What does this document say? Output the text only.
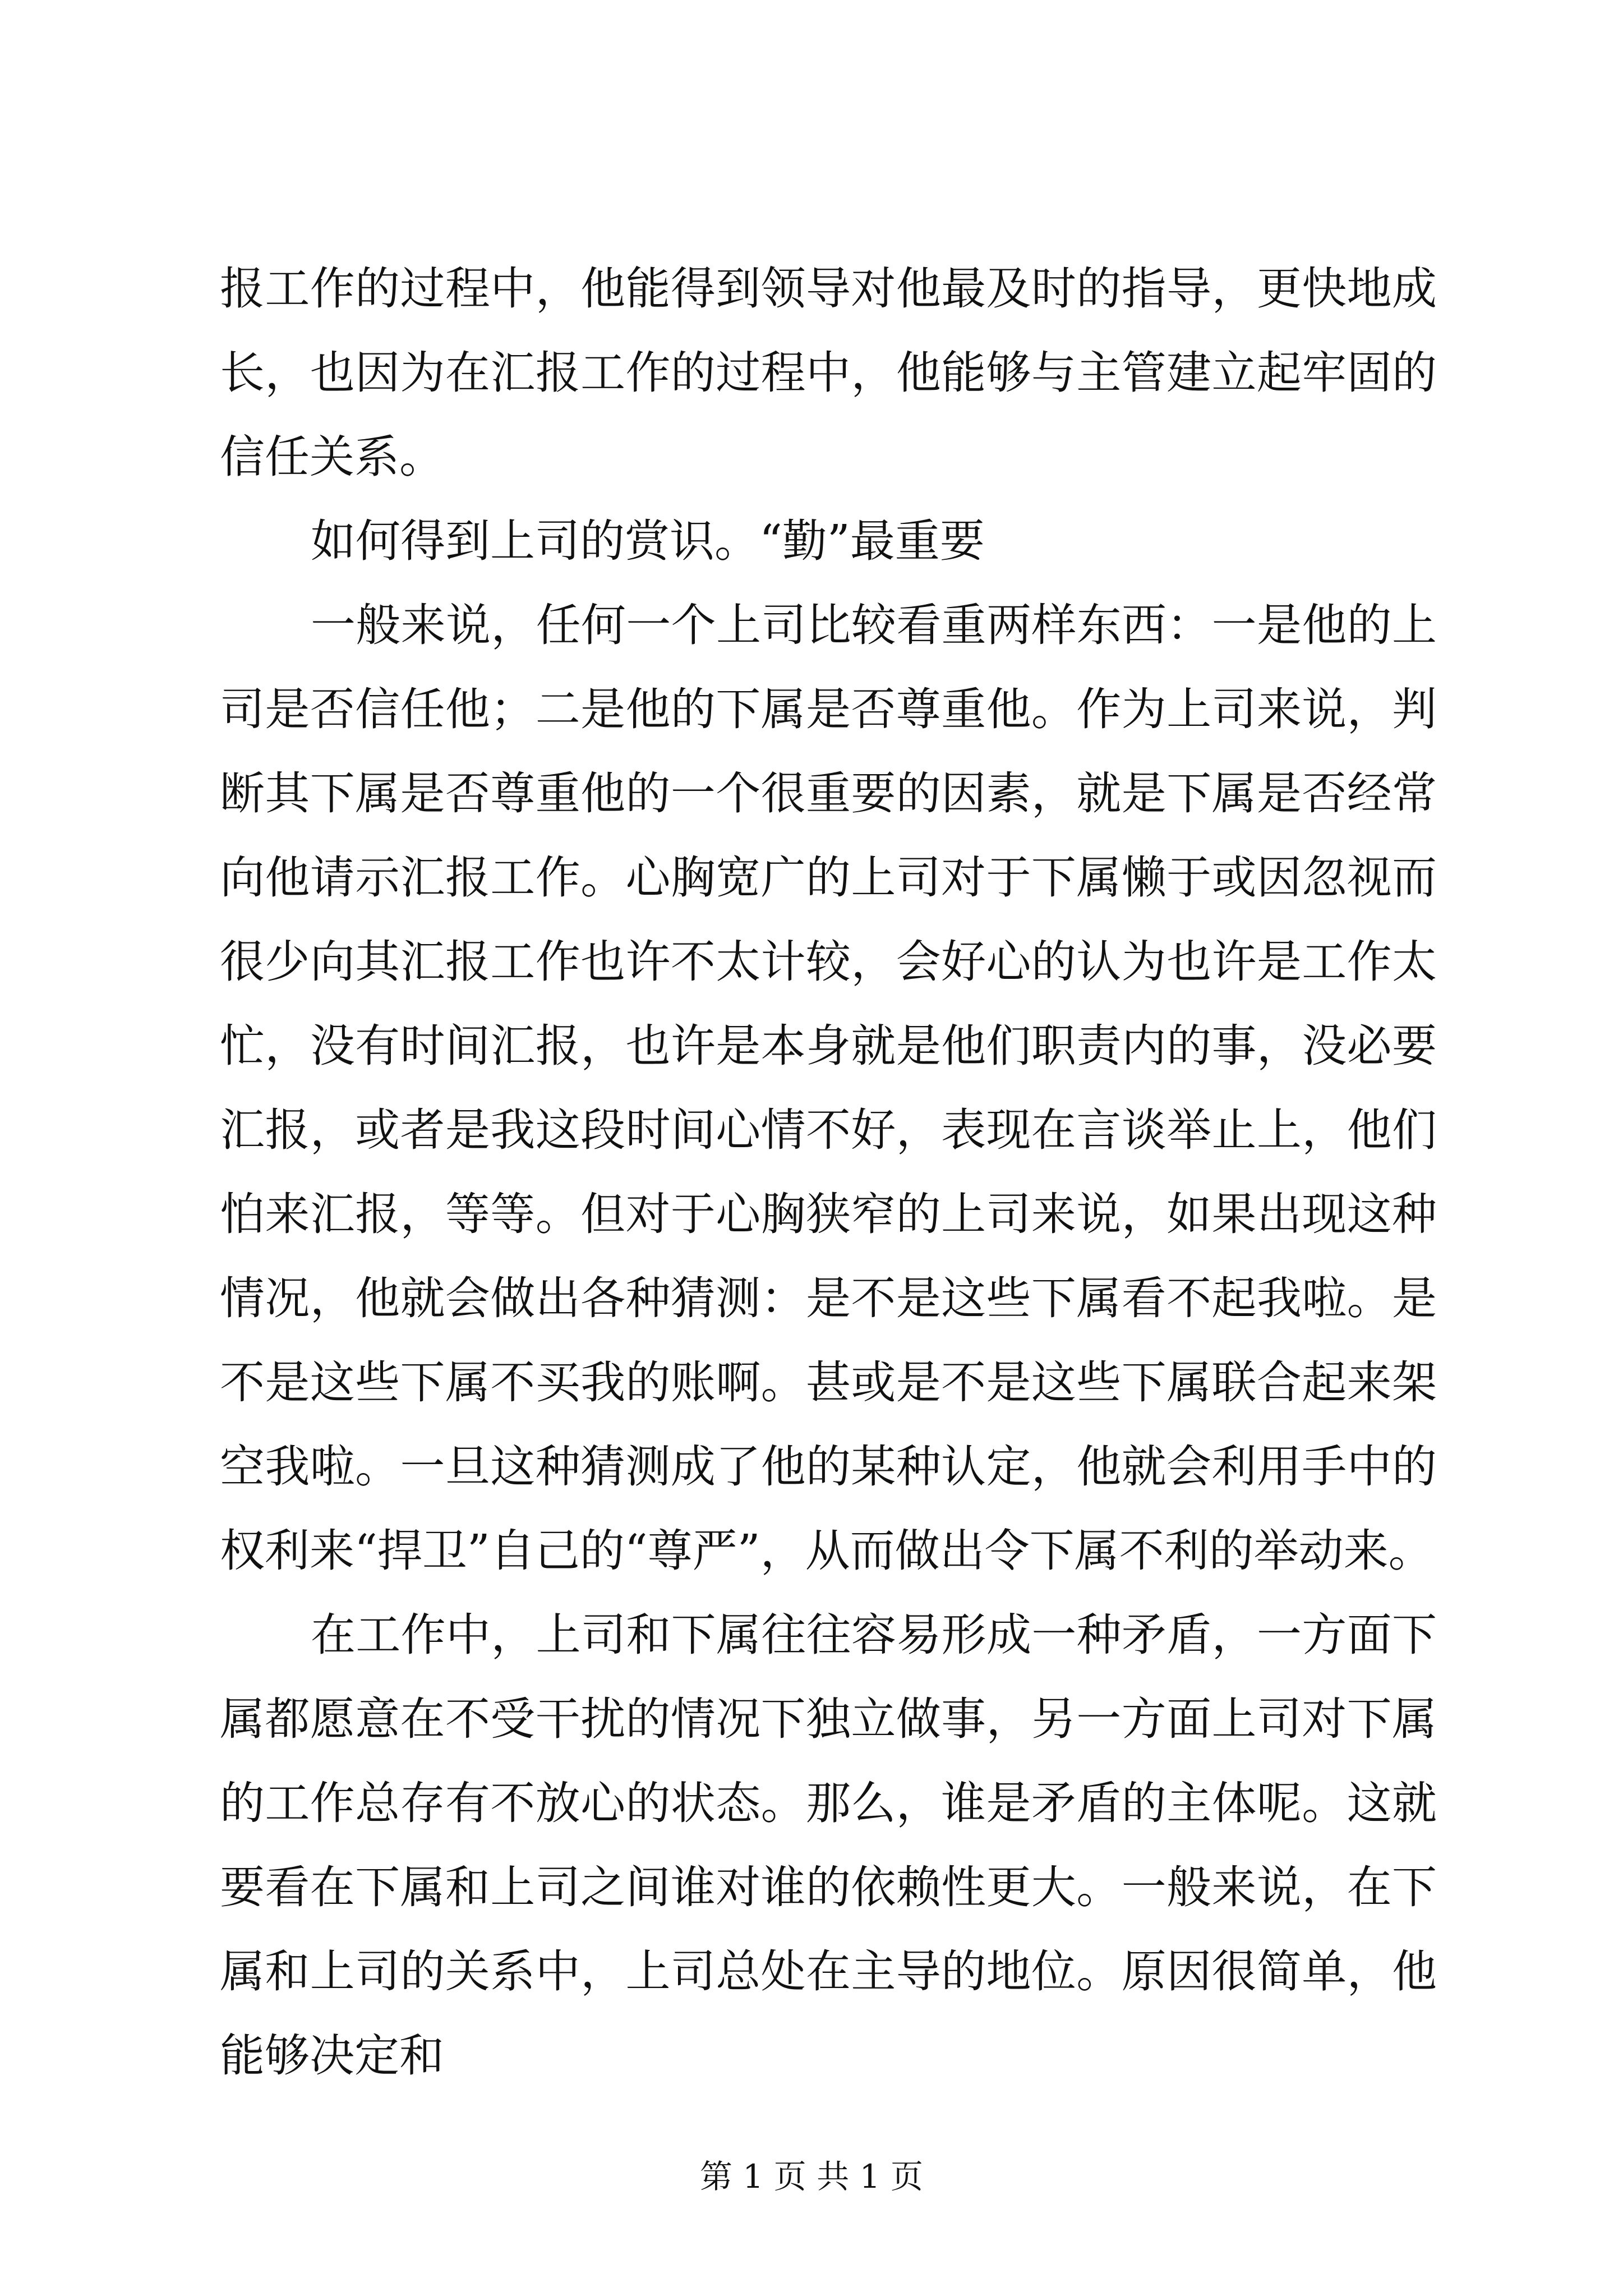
报工作的过程中，他能得到领导对他最及时的指导，更快地成长，也因为在汇报工作的过程中，他能够与主管建立起牢固的信任关系。

如何得到上司的赏识。“勤”最重要

一般来说，任何一个上司比较看重两样东西：一是他的上司是否信任他；二是他的下属是否尊重他。作为上司来说，判断其下属是否尊重他的一个很重要的因素，就是下属是否经常向他请示汇报工作。心胸宽广的上司对于下属懒于或因忽视而很少向其汇报工作也许不太计较，会好心的认为也许是工作太忙，没有时间汇报，也许是本身就是他们职责内的事，没必要汇报，或者是我这段时间心情不好，表现在言谈举止上，他们怕来汇报，等等。但对于心胸狭窄的上司来说，如果出现这种情况，他就会做出各种猜测：是不是这些下属看不起我啦。是不是这些下属不买我的账啊。甚或是不是这些下属联合起来架空我啦。一旦这种猜测成了他的某种认定，他就会利用手中的权利来“捍卫”自己的“尊严”，从而做出令下属不利的举动来。

在工作中，上司和下属往往容易形成一种矛盾，一方面下属都愿意在不受干扰的情况下独立做事，另一方面上司对下属的工作总存有不放心的状态。那么，谁是矛盾的主体呢。这就要看在下属和上司之间谁对谁的依赖性更大。一般来说，在下属和上司的关系中，上司总处在主导的地位。原因很简单，他能够决定和

第 1 页 共 1 页
